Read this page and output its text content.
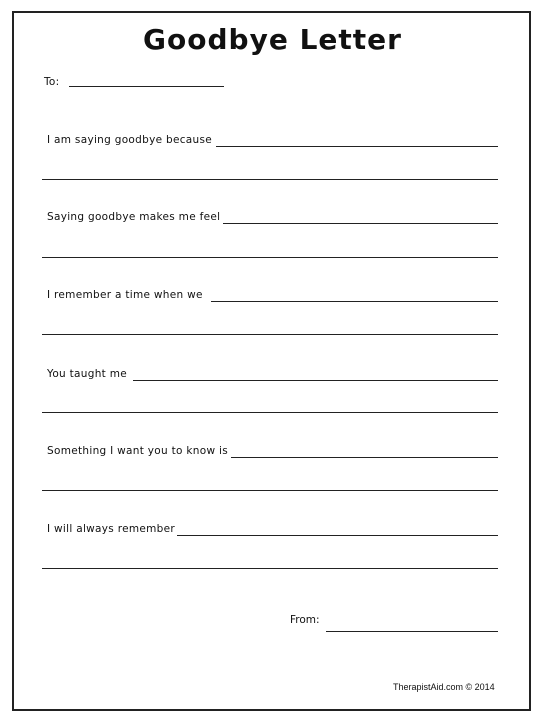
Goodbye Letter
To:
I am saying goodbye because
Saying goodbye makes me feel
I remember a time when we
You taught me
Something I want you to know is
I will always remember
From:
TherapistAid.com © 2014
